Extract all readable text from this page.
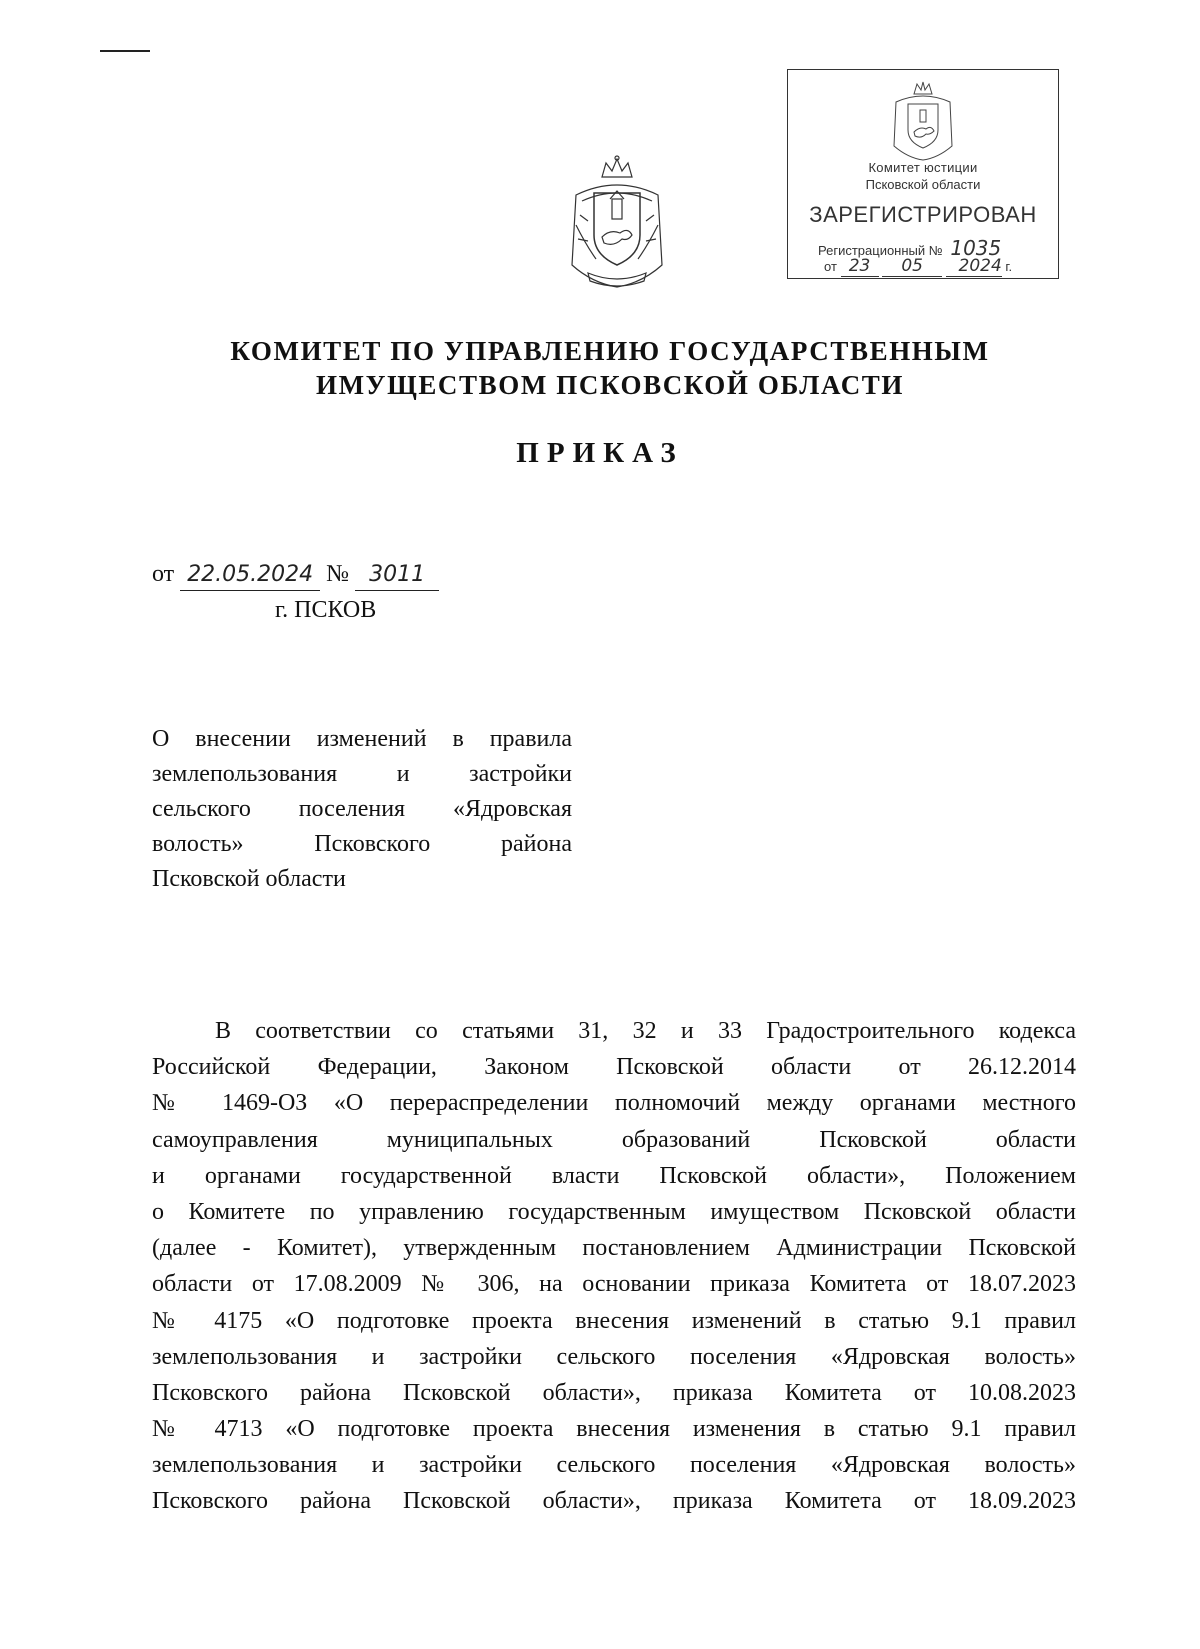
Комитет юстиции
Псковской области
ЗАРЕГИСТРИРОВАН
Регистрационный № 1035
от 23 05 2024 г.
КОМИТЕТ ПО УПРАВЛЕНИЮ ГОСУДАРСТВЕННЫМ
ИМУЩЕСТВОМ ПСКОВСКОЙ ОБЛАСТИ
ПРИКАЗ
от 22.05.2024 № 3011
г. ПСКОВ
О внесении изменений в правила
землепользования и застройки
сельского поселения «Ядровская
волость» Псковского района
Псковской области
В соответствии со статьями 31, 32 и 33 Градостроительного кодекса
Российской Федерации, Законом Псковской области от 26.12.2014
№ 1469-ОЗ «О перераспределении полномочий между органами местного
самоуправления муниципальных образований Псковской области
и органами государственной власти Псковской области», Положением
о Комитете по управлению государственным имуществом Псковской области
(далее - Комитет), утвержденным постановлением Администрации Псковской
области от 17.08.2009 № 306, на основании приказа Комитета от 18.07.2023
№ 4175 «О подготовке проекта внесения изменений в статью 9.1 правил
землепользования и застройки сельского поселения «Ядровская волость»
Псковского района Псковской области», приказа Комитета от 10.08.2023
№ 4713 «О подготовке проекта внесения изменения в статью 9.1 правил
землепользования и застройки сельского поселения «Ядровская волость»
Псковского района Псковской области», приказа Комитета от 18.09.2023
